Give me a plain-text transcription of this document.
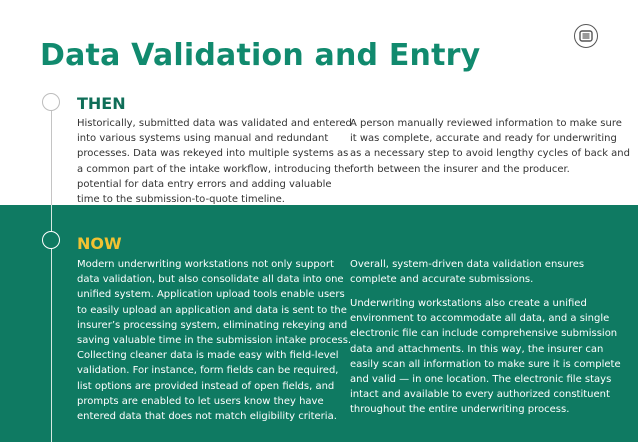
Data Validation and Entry
THEN
Historically, submitted data was validated and entered
into various systems using manual and redundant
processes. Data was rekeyed into multiple systems as
a common part of the intake workflow, introducing the
potential for data entry errors and adding valuable
time to the submission-to-quote timeline.
A person manually reviewed information to make sure
it was complete, accurate and ready for underwriting
as a necessary step to avoid lengthy cycles of back and
forth between the insurer and the producer.
NOW
Modern underwriting workstations not only support
data validation, but also consolidate all data into one
unified system. Application upload tools enable users
to easily upload an application and data is sent to the
insurer’s processing system, eliminating rekeying and
saving valuable time in the submission intake process.
Collecting cleaner data is made easy with field-level
validation. For instance, form fields can be required,
list options are provided instead of open fields, and
prompts are enabled to let users know they have
entered data that does not match eligibility criteria.
Overall, system-driven data validation ensures
complete and accurate submissions.
Underwriting workstations also create a unified
environment to accommodate all data, and a single
electronic file can include comprehensive submission
data and attachments. In this way, the insurer can
easily scan all information to make sure it is complete
and valid — in one location. The electronic file stays
intact and available to every authorized constituent
throughout the entire underwriting process.
